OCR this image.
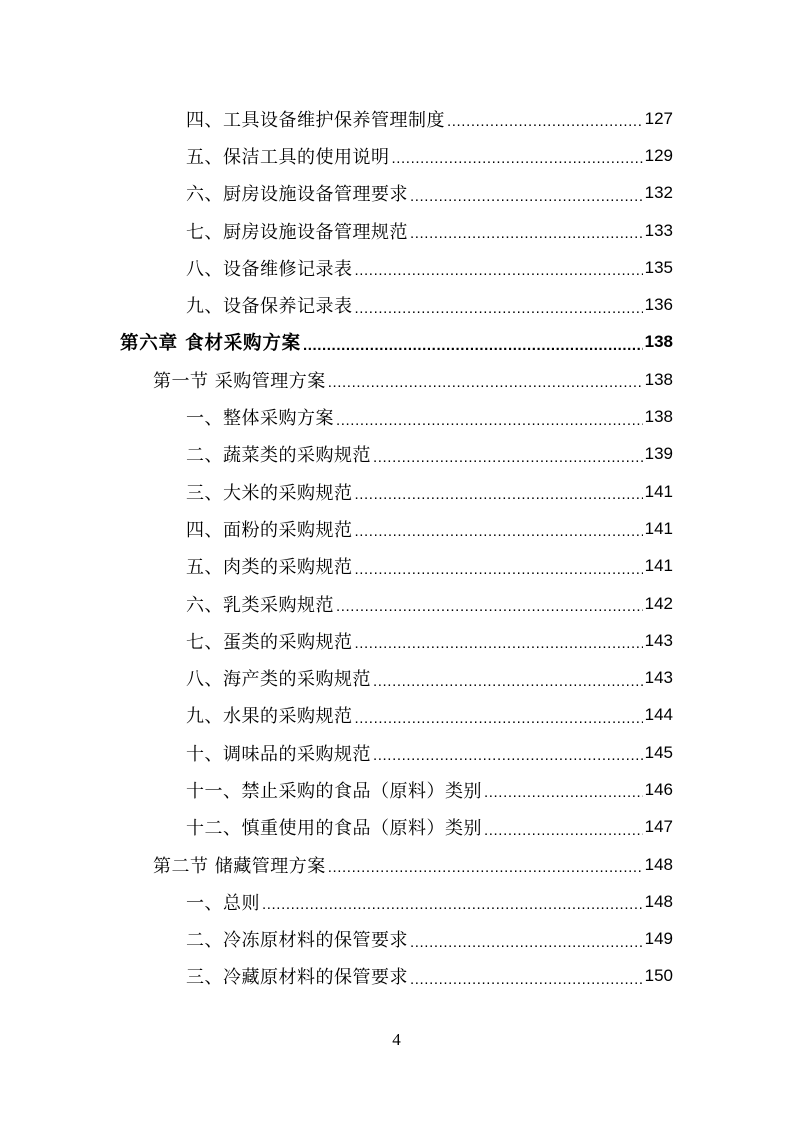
四、工具设备维护保养管理制度 .....	127
五、保洁工具的使用说明 .....	129
六、厨房设施设备管理要求 .....	132
七、厨房设施设备管理规范 .....	133
八、设备维修记录表 .....	135
九、设备保养记录表 .....	136
第六章 食材采购方案 .....	138
第一节 采购管理方案 .....	138
一、整体采购方案 .....	138
二、蔬菜类的采购规范 .....	139
三、大米的采购规范 .....	141
四、面粉的采购规范 .....	141
五、肉类的采购规范 .....	141
六、乳类采购规范 .....	142
七、蛋类的采购规范 .....	143
八、海产类的采购规范 .....	143
九、水果的采购规范 .....	144
十、调味品的采购规范 .....	145
十一、禁止采购的食品（原料）类别 .....	146
十二、慎重使用的食品（原料）类别 .....	147
第二节 储藏管理方案 .....	148
一、总则 .....	148
二、冷冻原材料的保管要求 .....	149
三、冷藏原材料的保管要求 .....	150
4
